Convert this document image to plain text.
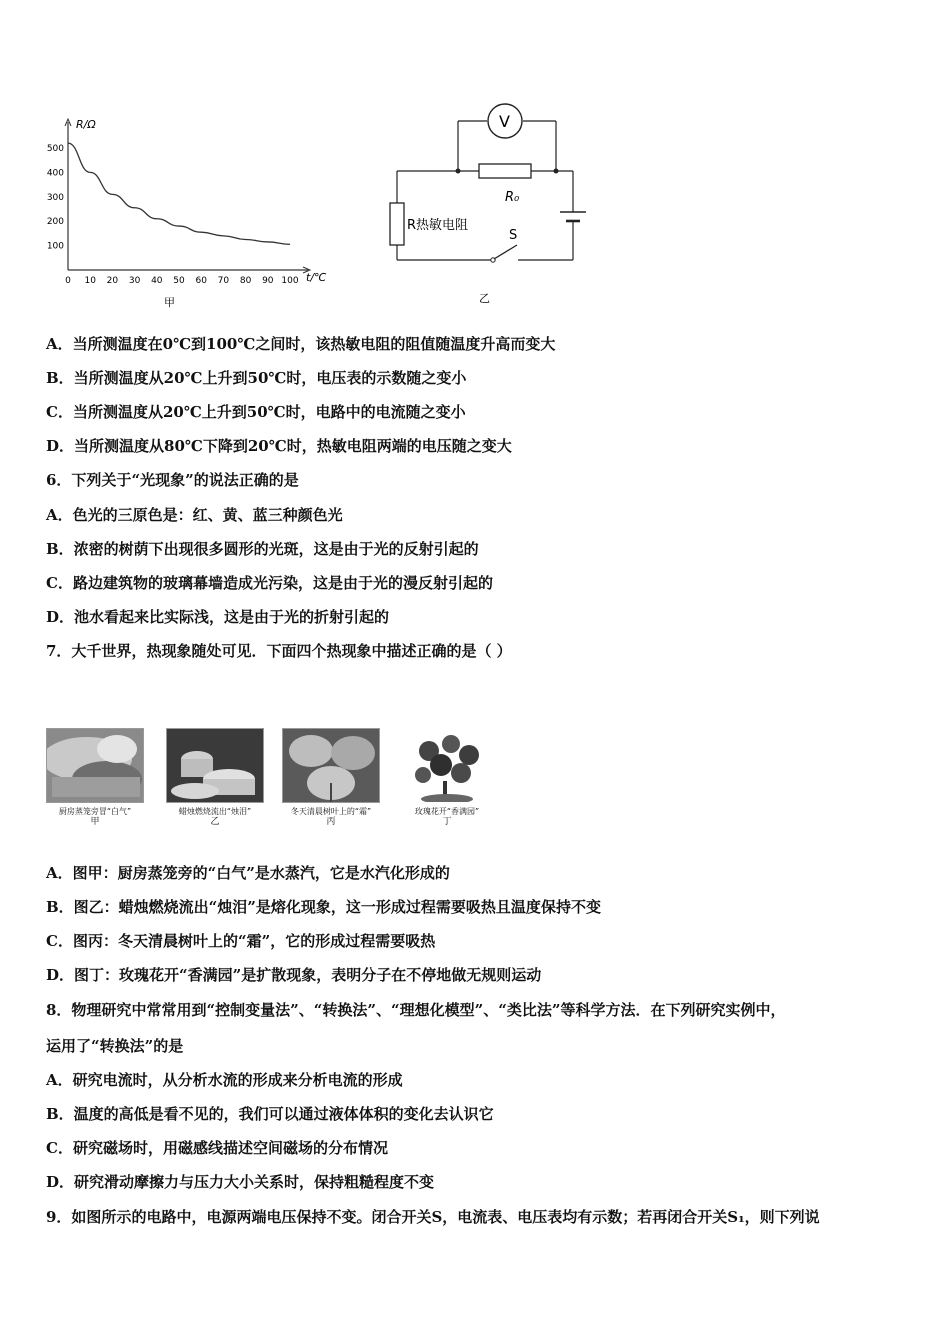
0 10 20 30 40 50 60 70 80 90 100
500
400
300
200
100
R/Ω
t/℃
甲
V
R₀
R热敏电阻
S
乙
A．当所测温度在0℃到100℃之间时，该热敏电阻的阻值随温度升高而变大
B．当所测温度从20℃上升到50℃时，电压表的示数随之变小
C．当所测温度从20℃上升到50℃时，电路中的电流随之变小
D．当所测温度从80℃下降到20℃时，热敏电阻两端的电压随之变大
6．下列关于“光现象”的说法正确的是
A．色光的三原色是：红、黄、蓝三种颜色光
B．浓密的树荫下出现很多圆形的光斑，这是由于光的反射引起的
C．路边建筑物的玻璃幕墙造成光污染，这是由于光的漫反射引起的
D．池水看起来比实际浅，这是由于光的折射引起的
7．大千世界，热现象随处可见．下面四个热现象中描述正确的是（ ）
厨房蒸笼旁冒“白气”
甲
蜡烛燃烧流出“烛泪”
乙
冬天清晨树叶上的“霜”
丙
玫瑰花开“香满园”
丁
A．图甲：厨房蒸笼旁的“白气”是水蒸汽，它是水汽化形成的
B．图乙：蜡烛燃烧流出“烛泪”是熔化现象，这一形成过程需要吸热且温度保持不变
C．图丙：冬天清晨树叶上的“霜”，它的形成过程需要吸热
D．图丁：玫瑰花开“香满园”是扩散现象，表明分子在不停地做无规则运动
8．物理研究中常常用到“控制变量法”、“转换法”、“理想化模型”、“类比法”等科学方法．在下列研究实例中，
运用了“转换法”的是
A．研究电流时，从分析水流的形成来分析电流的形成
B．温度的高低是看不见的，我们可以通过液体体积的变化去认识它
C．研究磁场时，用磁感线描述空间磁场的分布情况
D．研究滑动摩擦力与压力大小关系时，保持粗糙程度不变
9．如图所示的电路中，电源两端电压保持不变。闭合开关S，电流表、电压表均有示数；若再闭合开关S₁，则下列说
